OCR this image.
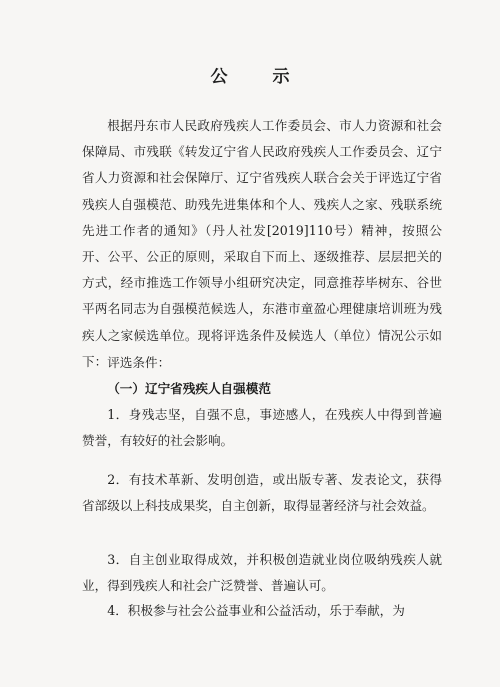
公　示

根据丹东市人民政府残疾人工作委员会、市人力资源和社会保障局、市残联《转发辽宁省人民政府残疾人工作委员会、辽宁省人力资源和社会保障厅、辽宁省残疾人联合会关于评选辽宁省残疾人自强模范、助残先进集体和个人、残疾人之家、残联系统先进工作者的通知》（丹人社发[2019]110号）精神，按照公开、公平、公正的原则，采取自下而上、逐级推荐、层层把关的方式，经市推选工作领导小组研究决定，同意推荐毕树东、谷世平两名同志为自强模范候选人，东港市童盈心理健康培训班为残疾人之家候选单位。现将评选条件及候选人（单位）情况公示如下： 评选条件：

（一）辽宁省残疾人自强模范

1．身残志坚，自强不息，事迹感人，在残疾人中得到普遍赞誉，有较好的社会影响。

2．有技术革新、发明创造，或出版专著、发表论文，获得省部级以上科技成果奖，自主创新，取得显著经济与社会效益。

3．自主创业取得成效，并积极创造就业岗位吸纳残疾人就业，得到残疾人和社会广泛赞誉、普遍认可。

4．积极参与社会公益事业和公益活动，乐于奉献，为
